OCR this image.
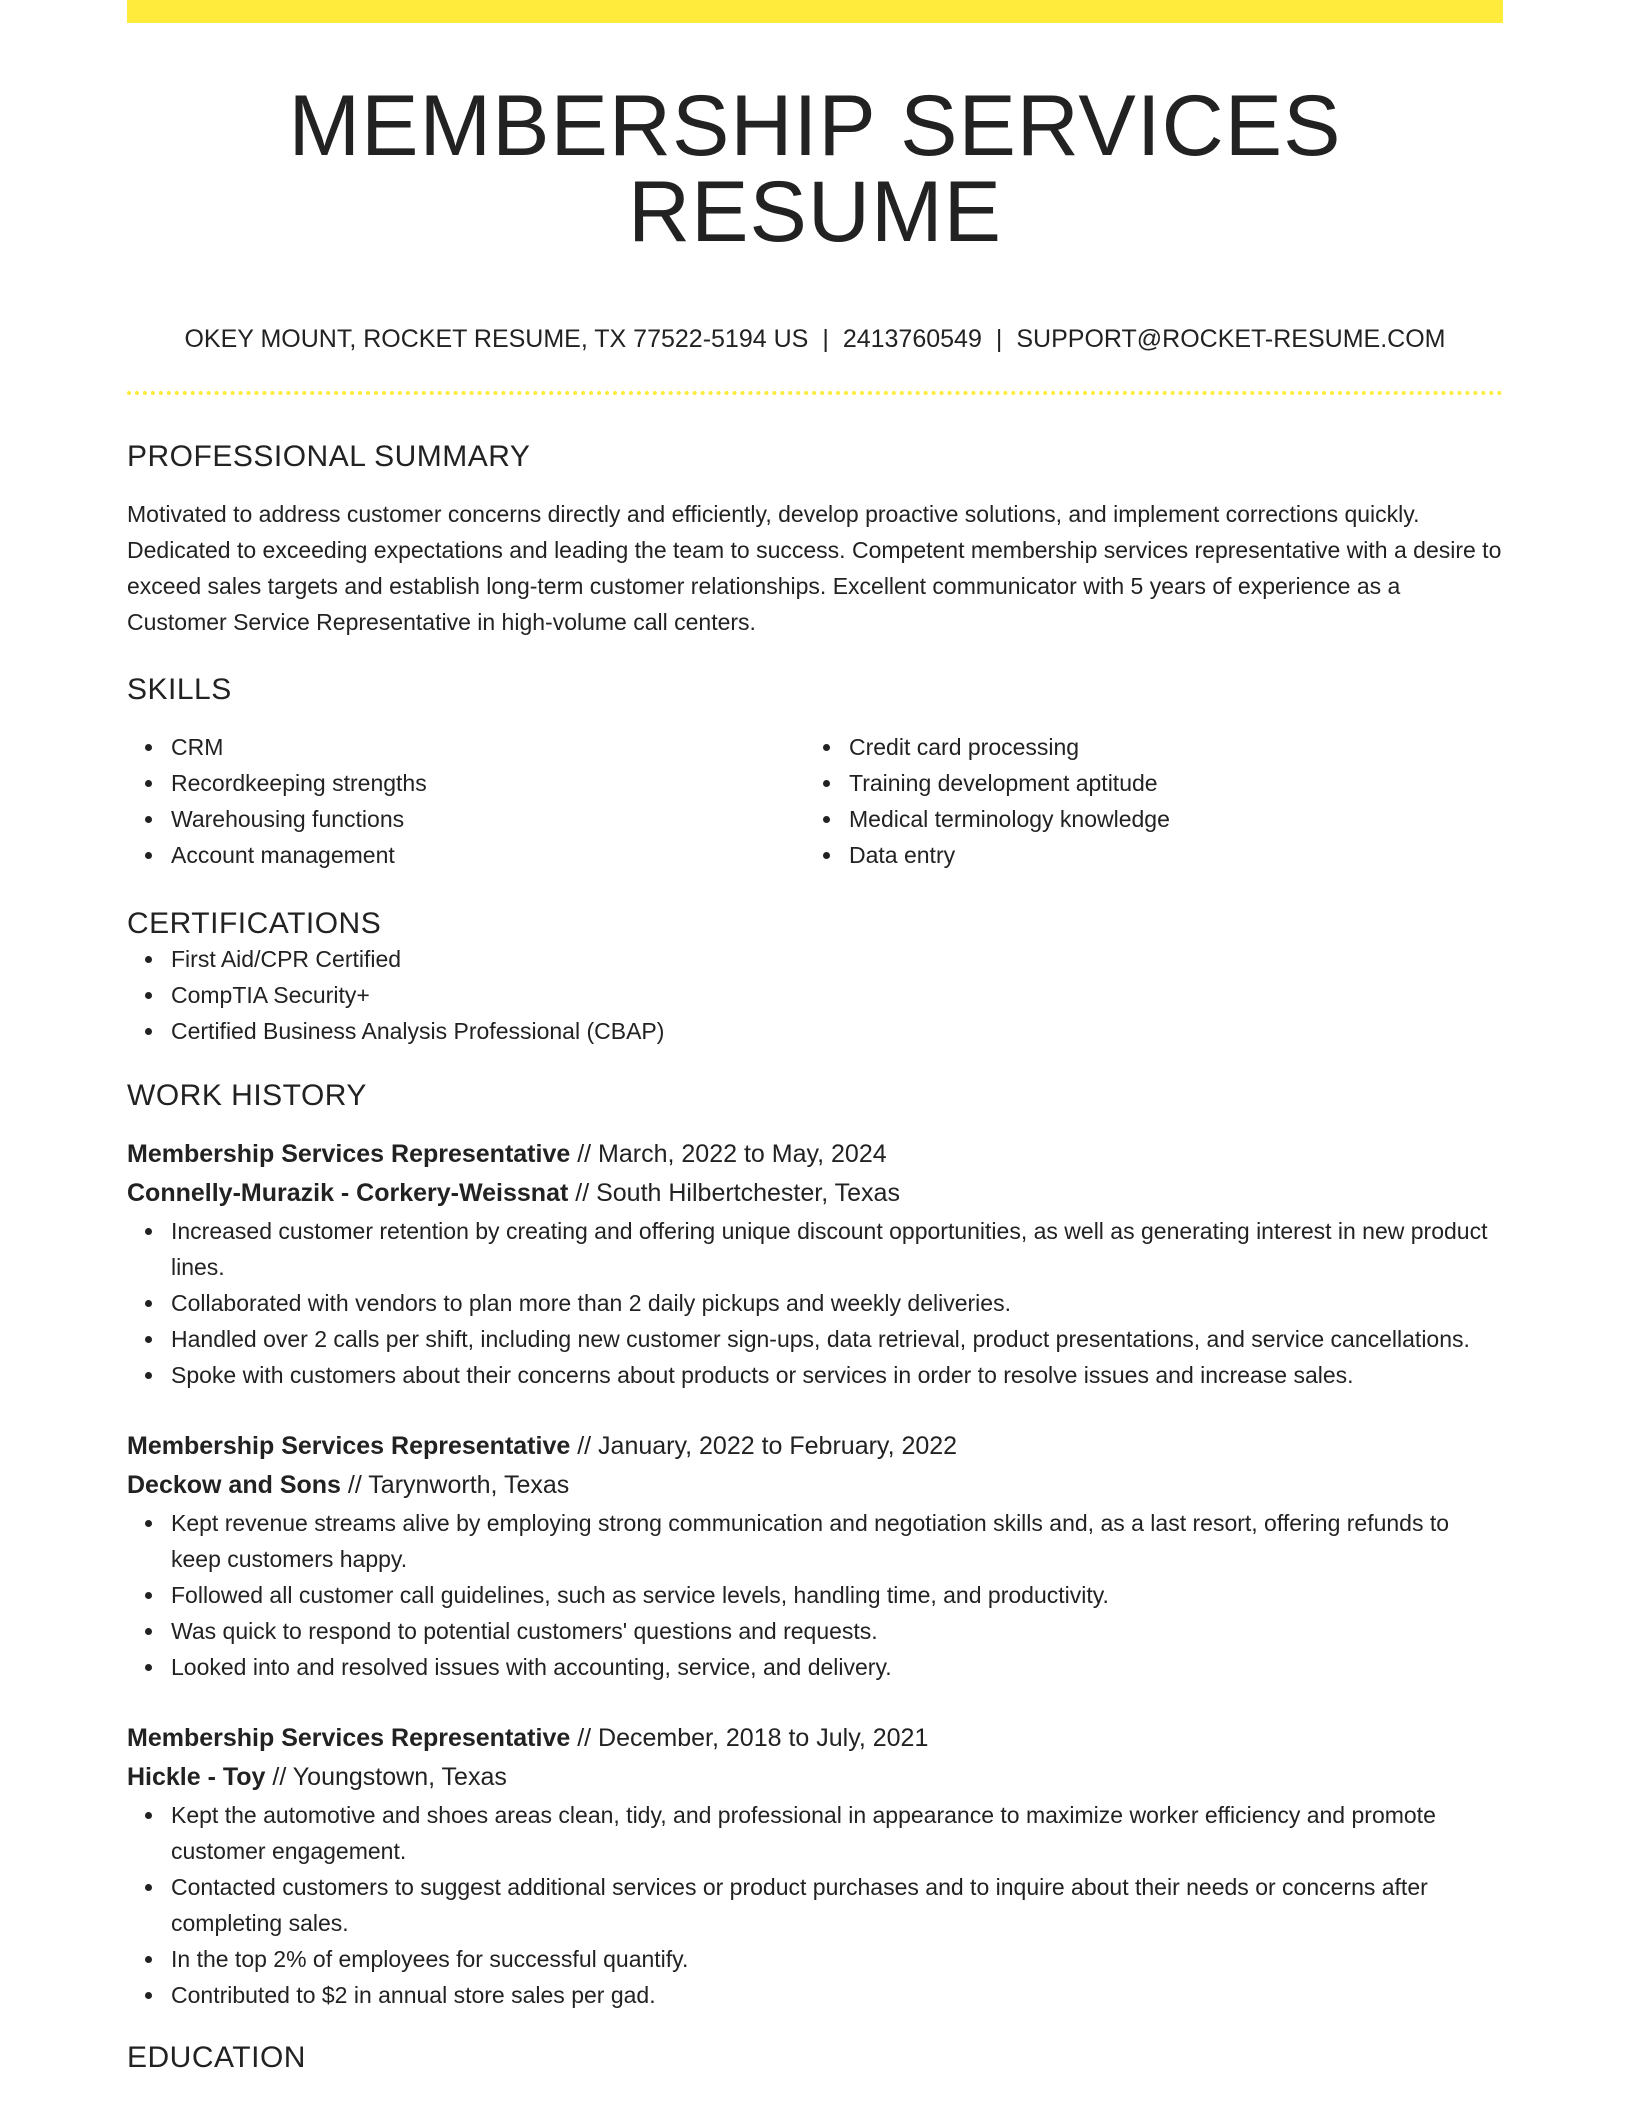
MEMBERSHIP SERVICES RESUME
OKEY MOUNT, ROCKET RESUME, TX 77522-5194 US | 2413760549 | SUPPORT@ROCKET-RESUME.COM
PROFESSIONAL SUMMARY
Motivated to address customer concerns directly and efficiently, develop proactive solutions, and implement corrections quickly. Dedicated to exceeding expectations and leading the team to success. Competent membership services representative with a desire to exceed sales targets and establish long-term customer relationships. Excellent communicator with 5 years of experience as a Customer Service Representative in high-volume call centers.
SKILLS
CRM
Recordkeeping strengths
Warehousing functions
Account management
Credit card processing
Training development aptitude
Medical terminology knowledge
Data entry
CERTIFICATIONS
First Aid/CPR Certified
CompTIA Security+
Certified Business Analysis Professional (CBAP)
WORK HISTORY
Membership Services Representative // March, 2022 to May, 2024
Connelly-Murazik - Corkery-Weissnat // South Hilbertchester, Texas
Increased customer retention by creating and offering unique discount opportunities, as well as generating interest in new product lines.
Collaborated with vendors to plan more than 2 daily pickups and weekly deliveries.
Handled over 2 calls per shift, including new customer sign-ups, data retrieval, product presentations, and service cancellations.
Spoke with customers about their concerns about products or services in order to resolve issues and increase sales.
Membership Services Representative // January, 2022 to February, 2022
Deckow and Sons // Tarynworth, Texas
Kept revenue streams alive by employing strong communication and negotiation skills and, as a last resort, offering refunds to keep customers happy.
Followed all customer call guidelines, such as service levels, handling time, and productivity.
Was quick to respond to potential customers' questions and requests.
Looked into and resolved issues with accounting, service, and delivery.
Membership Services Representative // December, 2018 to July, 2021
Hickle - Toy // Youngstown, Texas
Kept the automotive and shoes areas clean, tidy, and professional in appearance to maximize worker efficiency and promote customer engagement.
Contacted customers to suggest additional services or product purchases and to inquire about their needs or concerns after completing sales.
In the top 2% of employees for successful quantify.
Contributed to $2 in annual store sales per gad.
EDUCATION
